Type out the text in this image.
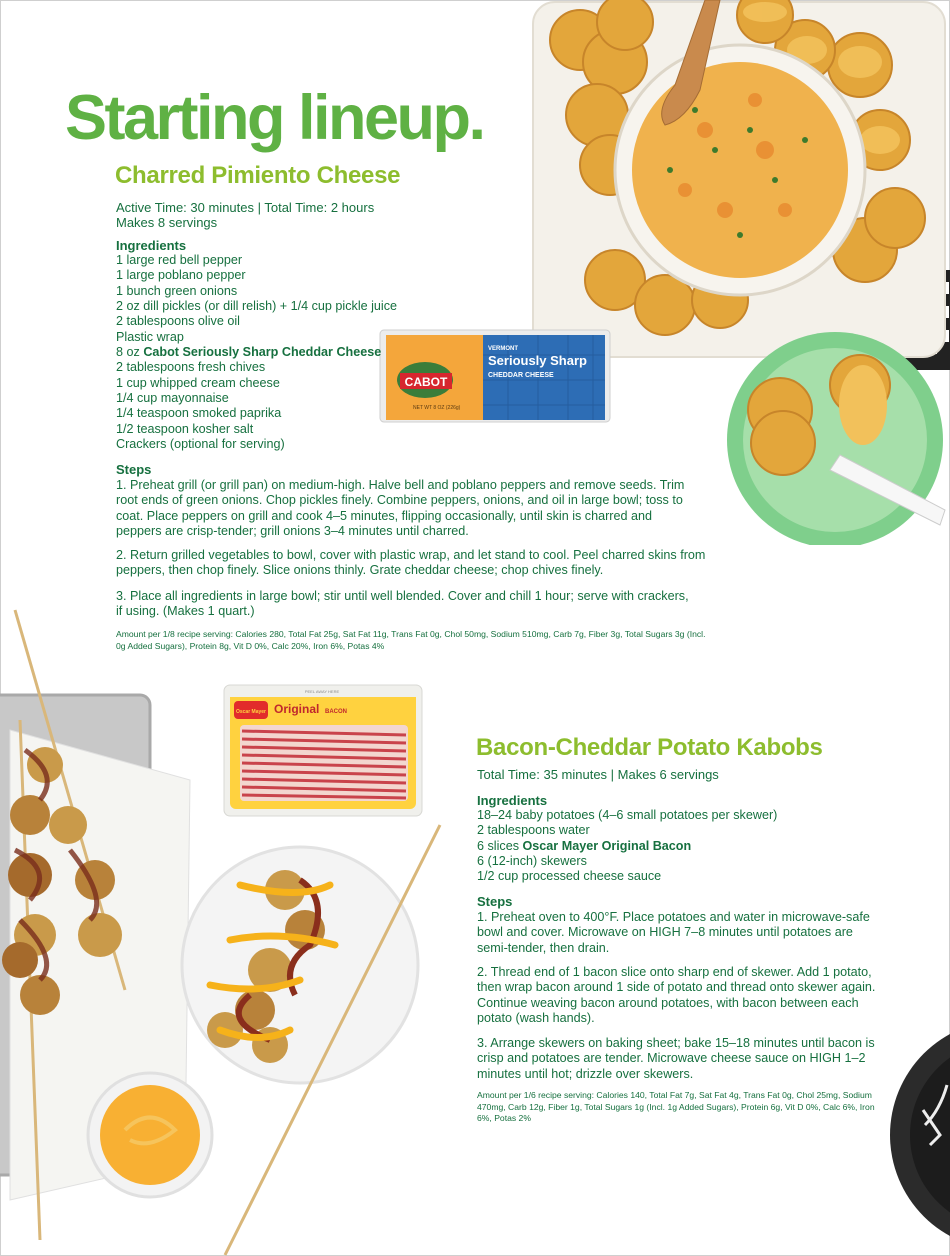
CABOT
VERMONT
Seriously Sharp
CHEDDAR CHEESE
NET WT 8 OZ (226g)
Oscar Mayer Original BACON
PEEL AWAY HERE
Starting lineup.
Charred Pimiento Cheese
Active Time: 30 minutes | Total Time: 2 hours
Makes 8 servings
Ingredients
1 large red bell pepper
1 large poblano pepper
1 bunch green onions
2 oz dill pickles (or dill relish) + 1/4 cup pickle juice
2 tablespoons olive oil
Plastic wrap
8 oz Cabot Seriously Sharp Cheddar Cheese
2 tablespoons fresh chives
1 cup whipped cream cheese
1/4 cup mayonnaise
1/4 teaspoon smoked paprika
1/2 teaspoon kosher salt
Crackers (optional for serving)
Steps

1. Preheat grill (or grill pan) on medium-high. Halve bell and poblano peppers and remove seeds. Trim root ends of green onions. Chop pickles finely. Combine peppers, onions, and oil in large bowl; toss to coat. Place peppers on grill and cook 4–5 minutes, flipping occasionally, until skin is charred and peppers are crisp-tender; grill onions 3–4 minutes until charred.

2. Return grilled vegetables to bowl, cover with plastic wrap, and let stand to cool. Peel charred skins from peppers, then chop finely. Slice onions thinly. Grate cheddar cheese; chop chives finely.

3. Place all ingredients in large bowl; stir until well blended. Cover and chill 1 hour; serve with crackers, if using. (Makes 1 quart.)

Amount per 1/8 recipe serving: Calories 280, Total Fat 25g, Sat Fat 11g, Trans Fat 0g, Chol 50mg, Sodium 510mg, Carb 7g, Fiber 3g, Total Sugars 3g (Incl. 0g Added Sugars), Protein 8g, Vit D 0%, Calc 20%, Iron 6%, Potas 4%

Bacon-Cheddar Potato Kabobs
Total Time: 35 minutes | Makes 6 servings
Ingredients
18–24 baby potatoes (4–6 small potatoes per skewer)
2 tablespoons water
6 slices Oscar Mayer Original Bacon
6 (12-inch) skewers
1/2 cup processed cheese sauce
Steps

1. Preheat oven to 400°F. Place potatoes and water in microwave-safe bowl and cover. Microwave on HIGH 7–8 minutes until potatoes are semi-tender, then drain.

2. Thread end of 1 bacon slice onto sharp end of skewer. Add 1 potato, then wrap bacon around 1 side of potato and thread onto skewer again. Continue weaving bacon around potatoes, with bacon between each potato (wash hands).

3. Arrange skewers on baking sheet; bake 15–18 minutes until bacon is crisp and potatoes are tender. Microwave cheese sauce on HIGH 1–2 minutes until hot; drizzle over skewers.

Amount per 1/6 recipe serving: Calories 140, Total Fat 7g, Sat Fat 4g, Trans Fat 0g, Chol 25mg, Sodium 470mg, Carb 12g, Fiber 1g, Total Sugars 1g (Incl. 1g Added Sugars), Protein 6g, Vit D 0%, Calc 6%, Iron 6%, Potas 2%
